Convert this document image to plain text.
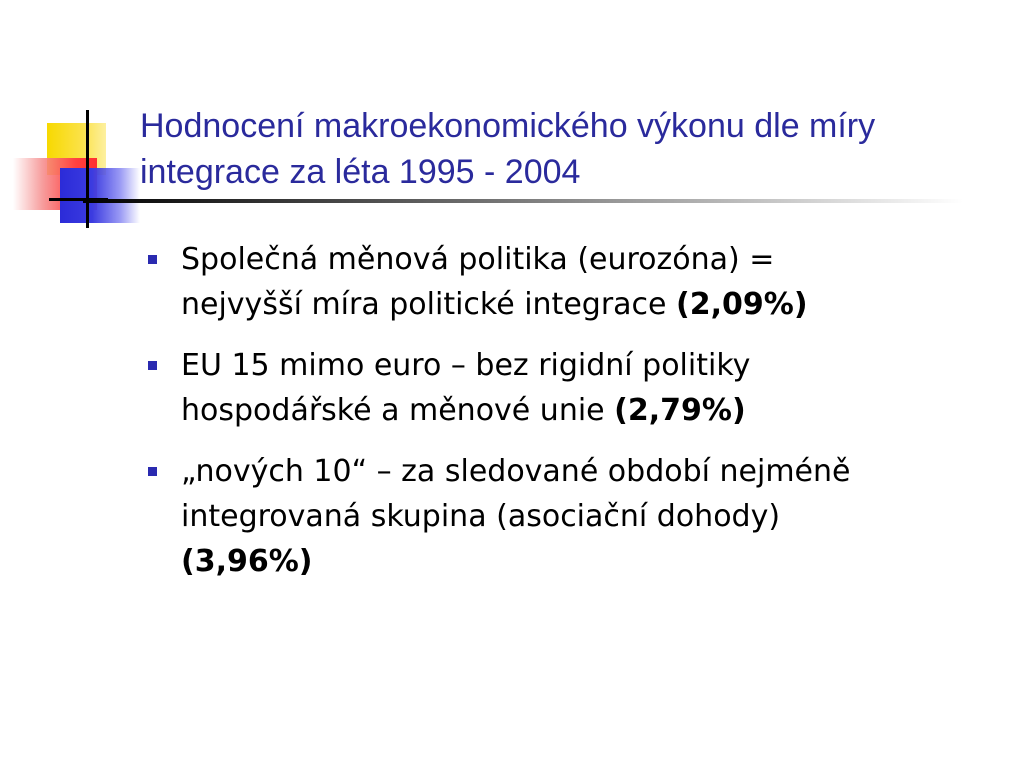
Hodnocení makroekonomického výkonu dle míry
integrace za léta 1995 - 2004
Společná měnová politika (eurozóna) =
nejvyšší míra politické integrace (2,09%)
EU 15 mimo euro – bez rigidní politiky
hospodářské a měnové unie (2,79%)
„nových 10“ – za sledované období nejméně
integrovaná skupina (asociační dohody)
(3,96%)
